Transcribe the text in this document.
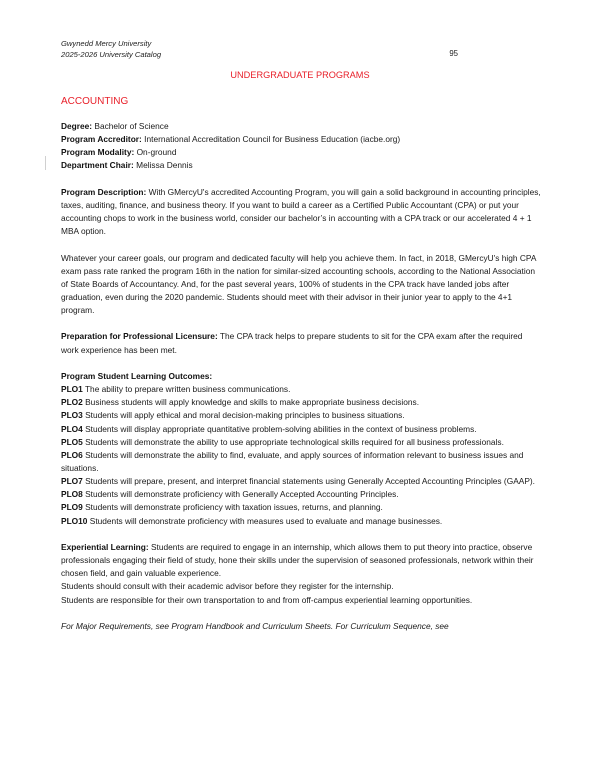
Gwynedd Mercy University
2025-2026 University Catalog	95
UNDERGRADUATE PROGRAMS
ACCOUNTING

Degree: Bachelor of Science

Program Accreditor: International Accreditation Council for Business Education (iacbe.org)

Program Modality: On-ground

Department Chair: Melissa Dennis

Program Description: With GMercyU's accredited Accounting Program, you will gain a solid background in accounting principles, taxes, auditing, finance, and business theory. If you want to build a career as a Certified Public Accountant (CPA) or put your accounting chops to work in the business world, consider our bachelor’s in accounting with a CPA track or our accelerated 4 + 1 MBA option.

Whatever your career goals, our program and dedicated faculty will help you achieve them. In fact, in 2018, GMercyU's high CPA exam pass rate ranked the program 16th in the nation for similar-sized accounting schools, according to the National Association of State Boards of Accountancy. And, for the past several years, 100% of students in the CPA track have landed jobs after graduation, even during the 2020 pandemic. Students should meet with their advisor in their junior year to apply to the 4+1 program.

Preparation for Professional Licensure: The CPA track helps to prepare students to sit for the CPA exam after the required work experience has been met.

Program Student Learning Outcomes:

PLO1 The ability to prepare written business communications.

PLO2 Business students will apply knowledge and skills to make appropriate business decisions.

PLO3 Students will apply ethical and moral decision-making principles to business situations.

PLO4 Students will display appropriate quantitative problem-solving abilities in the context of business problems.

PLO5 Students will demonstrate the ability to use appropriate technological skills required for all business professionals.

PLO6 Students will demonstrate the ability to find, evaluate, and apply sources of information relevant to business issues and situations.

PLO7 Students will prepare, present, and interpret financial statements using Generally Accepted Accounting Principles (GAAP).

PLO8 Students will demonstrate proficiency with Generally Accepted Accounting Principles.

PLO9 Students will demonstrate proficiency with taxation issues, returns, and planning.

PLO10 Students will demonstrate proficiency with measures used to evaluate and manage businesses.

Experiential Learning: Students are required to engage in an internship, which allows them to put theory into practice, observe professionals engaging their field of study, hone their skills under the supervision of seasoned professionals, network within their chosen field, and gain valuable experience.

Students should consult with their academic advisor before they register for the internship.

Students are responsible for their own transportation to and from off-campus experiential learning opportunities.

For Major Requirements, see Program Handbook and Curriculum Sheets. For Curriculum Sequence, see
